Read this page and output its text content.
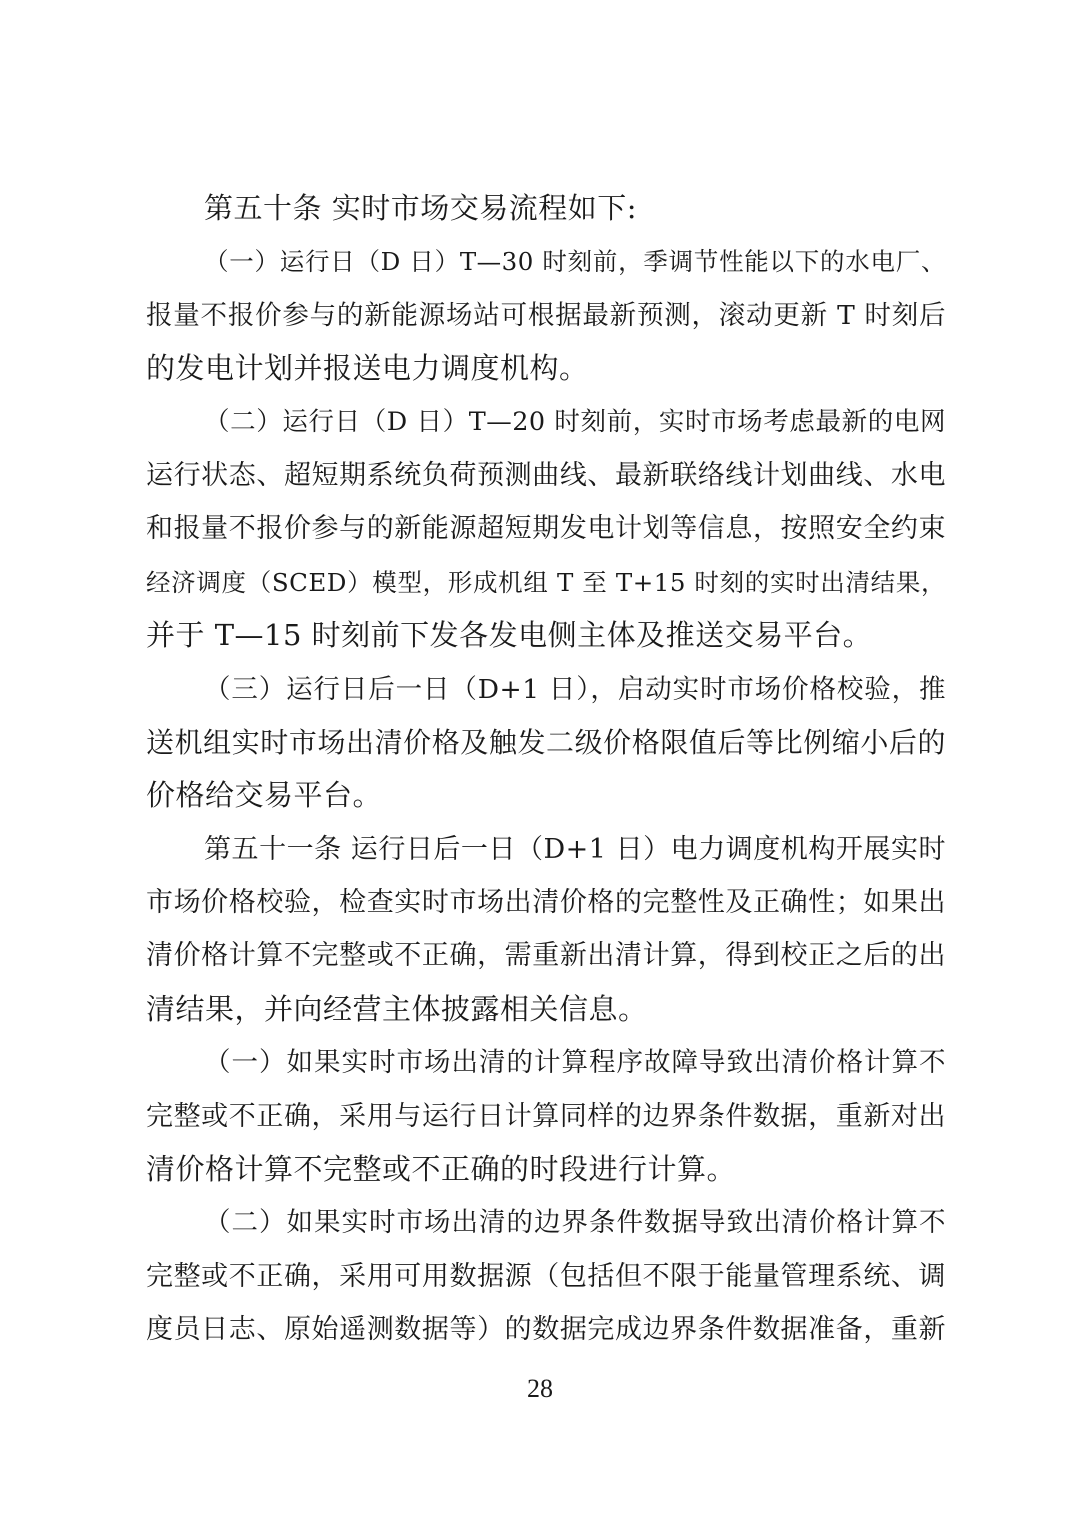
第五十条 实时市场交易流程如下:
（一）运行日（D 日）T—30 时刻前，季调节性能以下的水电厂、
报量不报价参与的新能源场站可根据最新预测，滚动更新 T 时刻后
的发电计划并报送电力调度机构。
（二）运行日（D 日）T—20 时刻前，实时市场考虑最新的电网
运行状态、超短期系统负荷预测曲线、最新联络线计划曲线、水电
和报量不报价参与的新能源超短期发电计划等信息，按照安全约束
经济调度（SCED）模型，形成机组 T 至 T+15 时刻的实时出清结果，
并于 T—15 时刻前下发各发电侧主体及推送交易平台。
（三）运行日后一日（D+1 日），启动实时市场价格校验，推
送机组实时市场出清价格及触发二级价格限值后等比例缩小后的
价格给交易平台。
第五十一条 运行日后一日（D+1 日）电力调度机构开展实时
市场价格校验，检查实时市场出清价格的完整性及正确性；如果出
清价格计算不完整或不正确，需重新出清计算，得到校正之后的出
清结果，并向经营主体披露相关信息。
（一）如果实时市场出清的计算程序故障导致出清价格计算不
完整或不正确，采用与运行日计算同样的边界条件数据，重新对出
清价格计算不完整或不正确的时段进行计算。
（二）如果实时市场出清的边界条件数据导致出清价格计算不
完整或不正确，采用可用数据源（包括但不限于能量管理系统、调
度员日志、原始遥测数据等）的数据完成边界条件数据准备，重新
28
